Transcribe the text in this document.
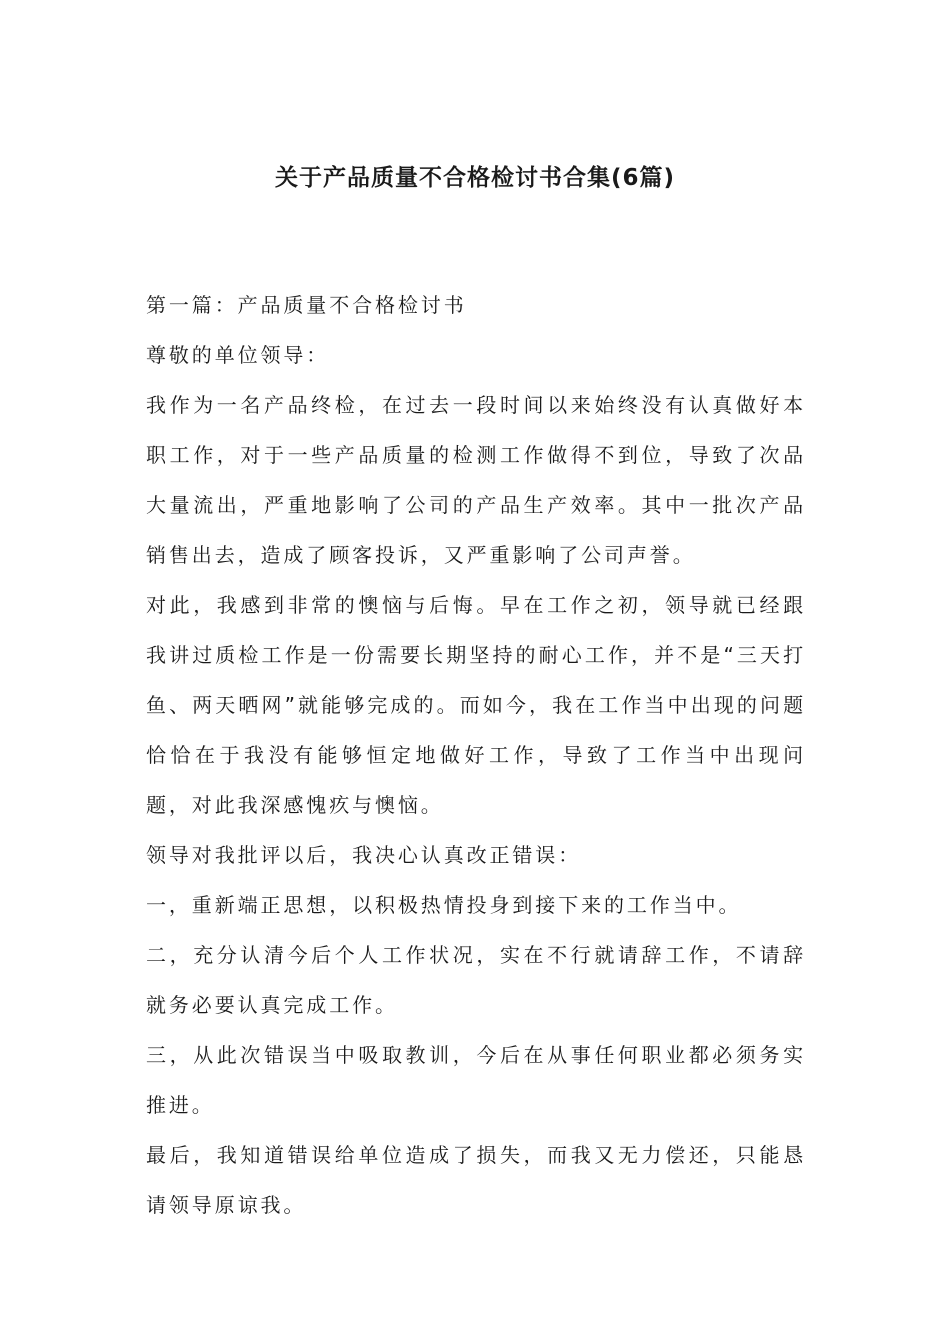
关于产品质量不合格检讨书合集(6篇)

第一篇：产品质量不合格检讨书

尊敬的单位领导：

我作为一名产品终检，在过去一段时间以来始终没有认真做好本职工作，对于一些产品质量的检测工作做得不到位，导致了次品大量流出，严重地影响了公司的产品生产效率。其中一批次产品销售出去，造成了顾客投诉，又严重影响了公司声誉。

对此，我感到非常的懊恼与后悔。早在工作之初，领导就已经跟我讲过质检工作是一份需要长期坚持的耐心工作，并不是“三天打鱼、两天晒网”就能够完成的。而如今，我在工作当中出现的问题恰恰在于我没有能够恒定地做好工作，导致了工作当中出现问题，对此我深感愧疚与懊恼。

领导对我批评以后，我决心认真改正错误：

一，重新端正思想，以积极热情投身到接下来的工作当中。

二，充分认清今后个人工作状况，实在不行就请辞工作，不请辞就务必要认真完成工作。

三，从此次错误当中吸取教训，今后在从事任何职业都必须务实推进。

最后，我知道错误给单位造成了损失，而我又无力偿还，只能恳请领导原谅我。
